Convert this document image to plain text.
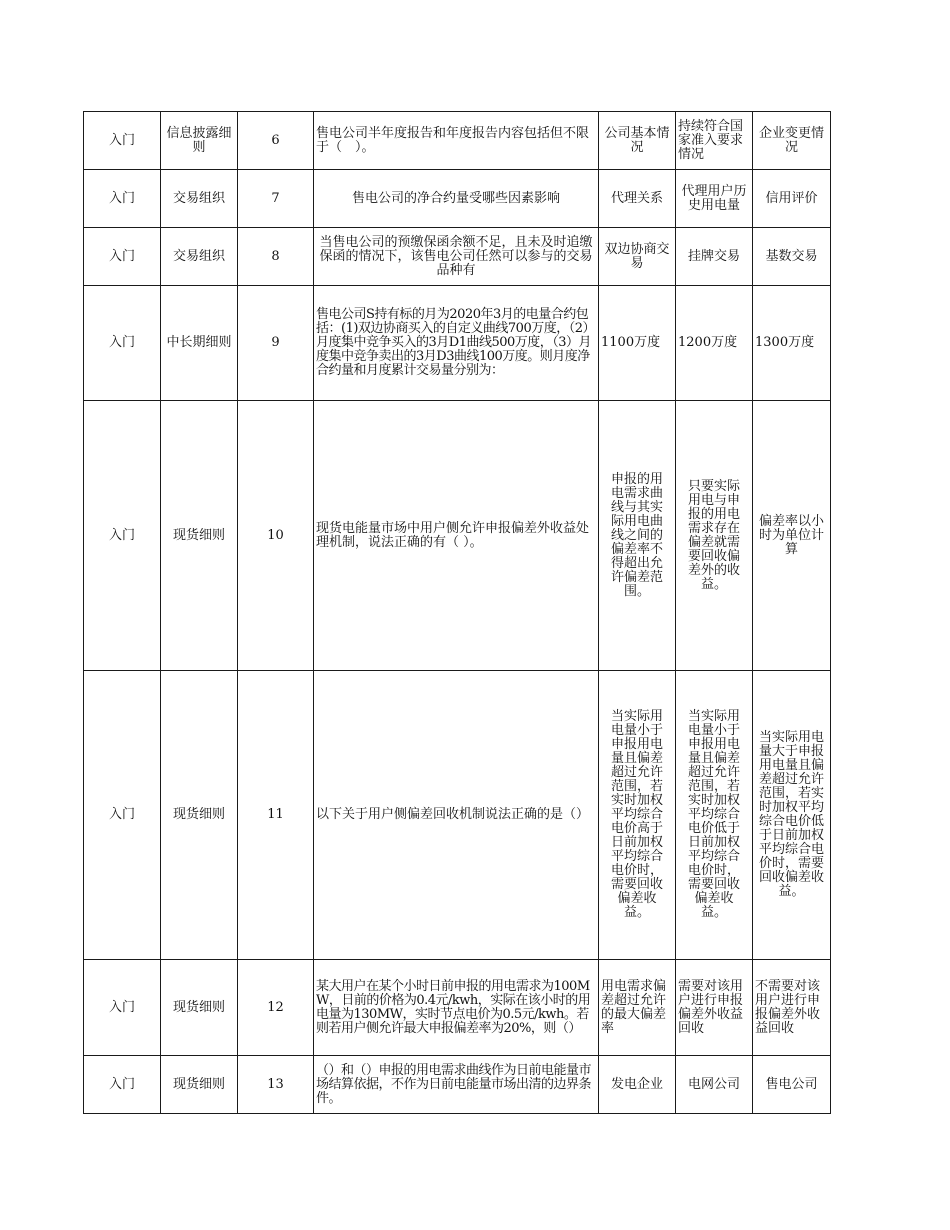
入门	信息披露细则	6	售电公司半年度报告和年度报告内容包括但不限于（　）。	公司基本情况	持续符合国家准入要求情况	企业变更情况
入门	交易组织	7	售电公司的净合约量受哪些因素影响	代理关系	代理用户历史用电量	信用评价
入门	交易组织	8	当售电公司的预缴保函余额不足，且未及时追缴保函的情况下，该售电公司任然可以参与的交易品种有	双边协商交易	挂牌交易	基数交易
入门	中长期细则	9	售电公司S持有标的月为2020年3月的电量合约包括：(1)双边协商买入的自定义曲线700万度，（2）月度集中竞争买入的3月D1曲线500万度，（3）月度集中竞争卖出的3月D3曲线100万度。则月度净合约量和月度累计交易量分别为：	1100万度	1200万度	1300万度
入门	现货细则	10	现货电能量市场中用户侧允许申报偏差外收益处理机制，说法正确的有（ ）。	申报的用电需求曲线与其实际用电曲线之间的偏差率不得超出允许偏差范围。	只要实际用电与申报的用电需求存在偏差就需要回收偏差外的收益。	偏差率以小时为单位计算
入门	现货细则	11	以下关于用户侧偏差回收机制说法正确的是（）	当实际用电量小于申报用电量且偏差超过允许范围，若实时加权平均综合电价高于日前加权平均综合电价时，需要回收偏差收益。	当实际用电量小于申报用电量且偏差超过允许范围，若实时加权平均综合电价低于日前加权平均综合电价时，需要回收偏差收益。	当实际用电量大于申报用电量且偏差超过允许范围，若实时加权平均综合电价低于日前加权平均综合电价时，需要回收偏差收益。
入门	现货细则	12	某大用户在某个小时日前申报的用电需求为100MW，日前的价格为0.4元/kwh，实际在该小时的用电量为130MW，实时节点电价为0.5元/kwh。若则若用户侧允许最大申报偏差率为20%，则（）	用电需求偏差超过允许的最大偏差率	需要对该用户进行申报偏差外收益回收	不需要对该用户进行申报偏差外收益回收
入门	现货细则	13	（）和（）申报的用电需求曲线作为日前电能量市场结算依据，不作为日前电能量市场出清的边界条件。	发电企业	电网公司	售电公司
